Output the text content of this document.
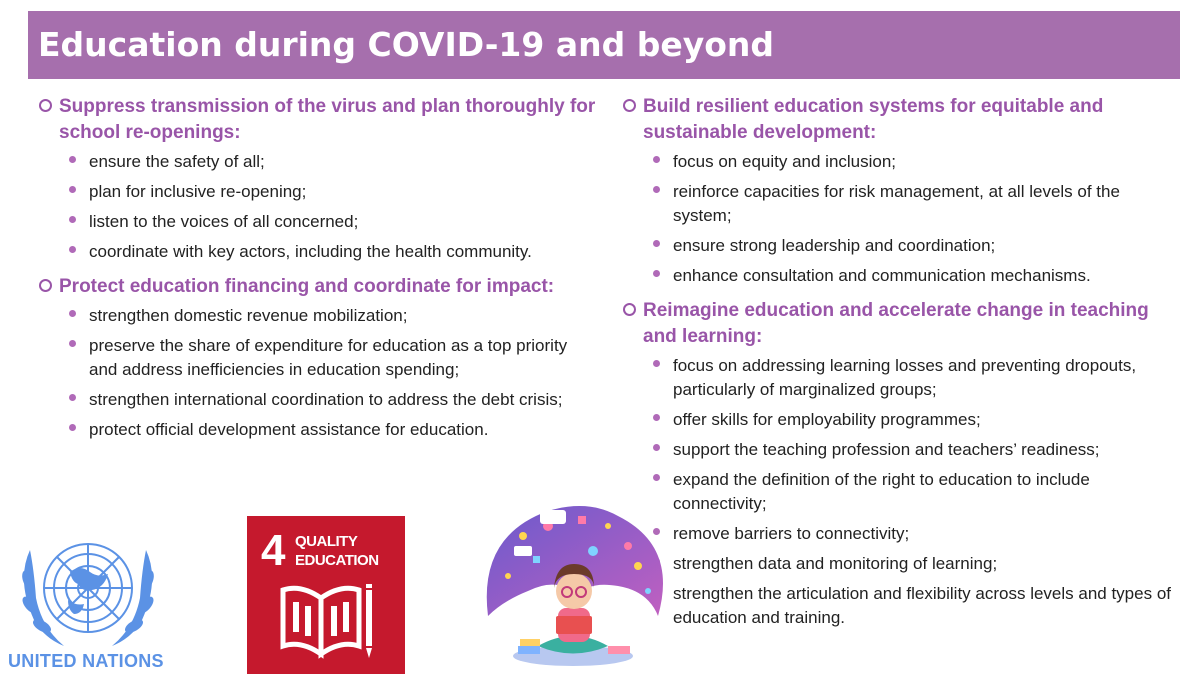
Education during COVID-19 and beyond
Suppress transmission of the virus and plan thoroughly for school re-openings:
ensure the safety of all;
plan for inclusive re-opening;
listen to the voices of all concerned;
coordinate with key actors, including the health community.
Protect education financing and coordinate for impact:
strengthen domestic revenue mobilization;
preserve the share of expenditure for education as a top priority and address inefficiencies in education spending;
strengthen international coordination to address the debt crisis;
protect official development assistance for education.
Build resilient education systems for equitable and sustainable development:
focus on equity and inclusion;
reinforce capacities for risk management, at all levels of the system;
ensure strong leadership and coordination;
enhance consultation and communication mechanisms.
Reimagine education and accelerate change in teaching and learning:
focus on addressing learning losses and preventing dropouts, particularly of marginalized groups;
offer skills for employability programmes;
support the teaching profession and teachers’ readiness;
expand the definition of the right to education to include connectivity;
remove barriers to connectivity;
strengthen data and monitoring of learning;
strengthen the articulation and flexibility across levels and types of education and training.
UNITED NATIONS
4 QUALITY
EDUCATION
